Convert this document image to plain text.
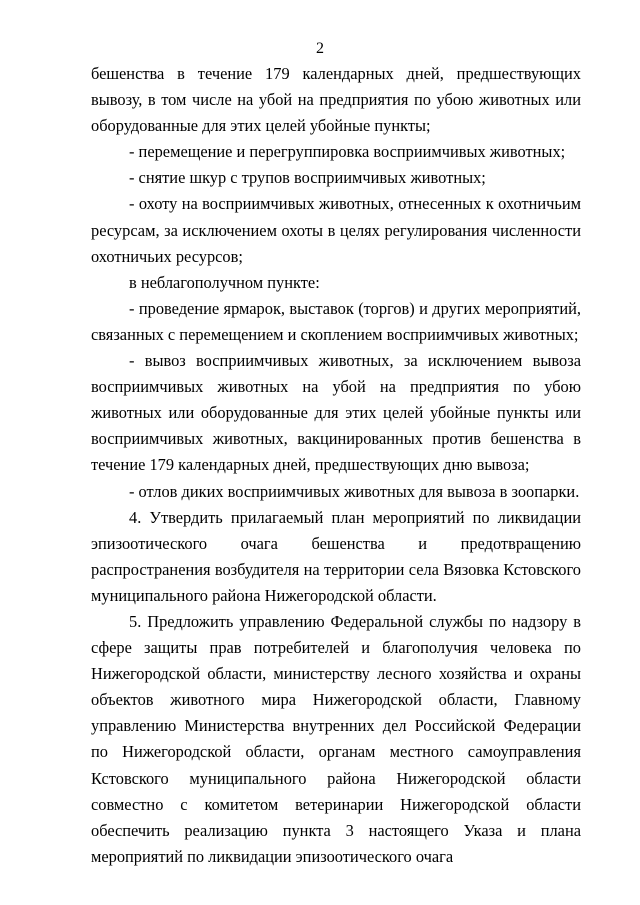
2

бешенства в течение 179 календарных дней, предшествующих вывозу, в том числе на убой на предприятия по убою животных или оборудованные для этих целей убойные пункты;

- перемещение и перегруппировка восприимчивых животных;

- снятие шкур с трупов восприимчивых животных;

- охоту на восприимчивых животных, отнесенных к охотничьим ресурсам, за исключением охоты в целях регулирования численности охотничьих ресурсов;

в неблагополучном пункте:

- проведение ярмарок, выставок (торгов) и других мероприятий, связанных с перемещением и скоплением восприимчивых животных;

- вывоз восприимчивых животных, за исключением вывоза восприимчивых животных на убой на предприятия по убою животных или оборудованные для этих целей убойные пункты или восприимчивых животных, вакцинированных против бешенства в течение 179 календарных дней, предшествующих дню вывоза;

- отлов диких восприимчивых животных для вывоза в зоопарки.

4. Утвердить прилагаемый план мероприятий по ликвидации эпизоотического очага бешенства и предотвращению распространения возбудителя на территории села Вязовка Кстовского муниципального района Нижегородской области.

5. Предложить управлению Федеральной службы по надзору в сфере защиты прав потребителей и благополучия человека по Нижегородской области, министерству лесного хозяйства и охраны объектов животного мира Нижегородской области, Главному управлению Министерства внутренних дел Российской Федерации по Нижегородской области, органам местного самоуправления Кстовского муниципального района Нижегородской области совместно с комитетом ветеринарии Нижегородской области обеспечить реализацию пункта 3 настоящего Указа и плана мероприятий по ликвидации эпизоотического очага
